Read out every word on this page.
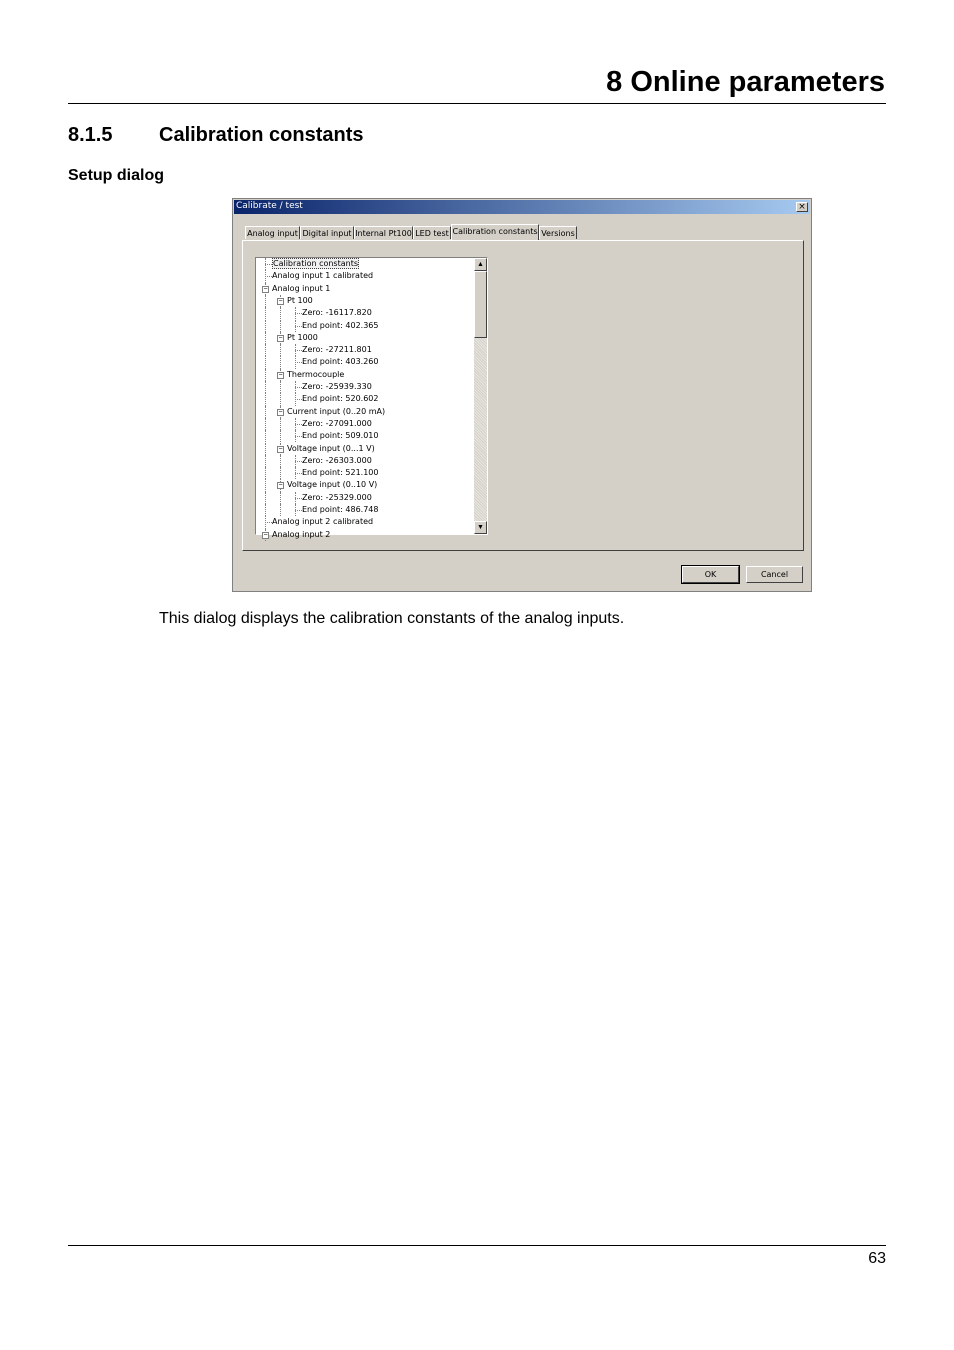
8 Online parameters
8.1.5 Calibration constants
Setup dialog
Calibrate / test	×
Analog input Digital input Internal Pt100 LED test Calibration constants Versions
Calibration constants
Analog input 1 calibrated
− Analog input 1
− Pt 100
Zero: -16117.820
End point: 402.365
− Pt 1000
Zero: -27211.801
End point: 403.260
− Thermocouple
Zero: -25939.330
End point: 520.602
− Current input (0..20 mA)
Zero: -27091.000
End point: 509.010
− Voltage input (0...1 V)
Zero: -26303.000
End point: 521.100
− Voltage input (0..10 V)
Zero: -25329.000
End point: 486.748
Analog input 2 calibrated
− Analog input 2
▲
▼
OK	Cancel
This dialog displays the calibration constants of the analog inputs.
63
